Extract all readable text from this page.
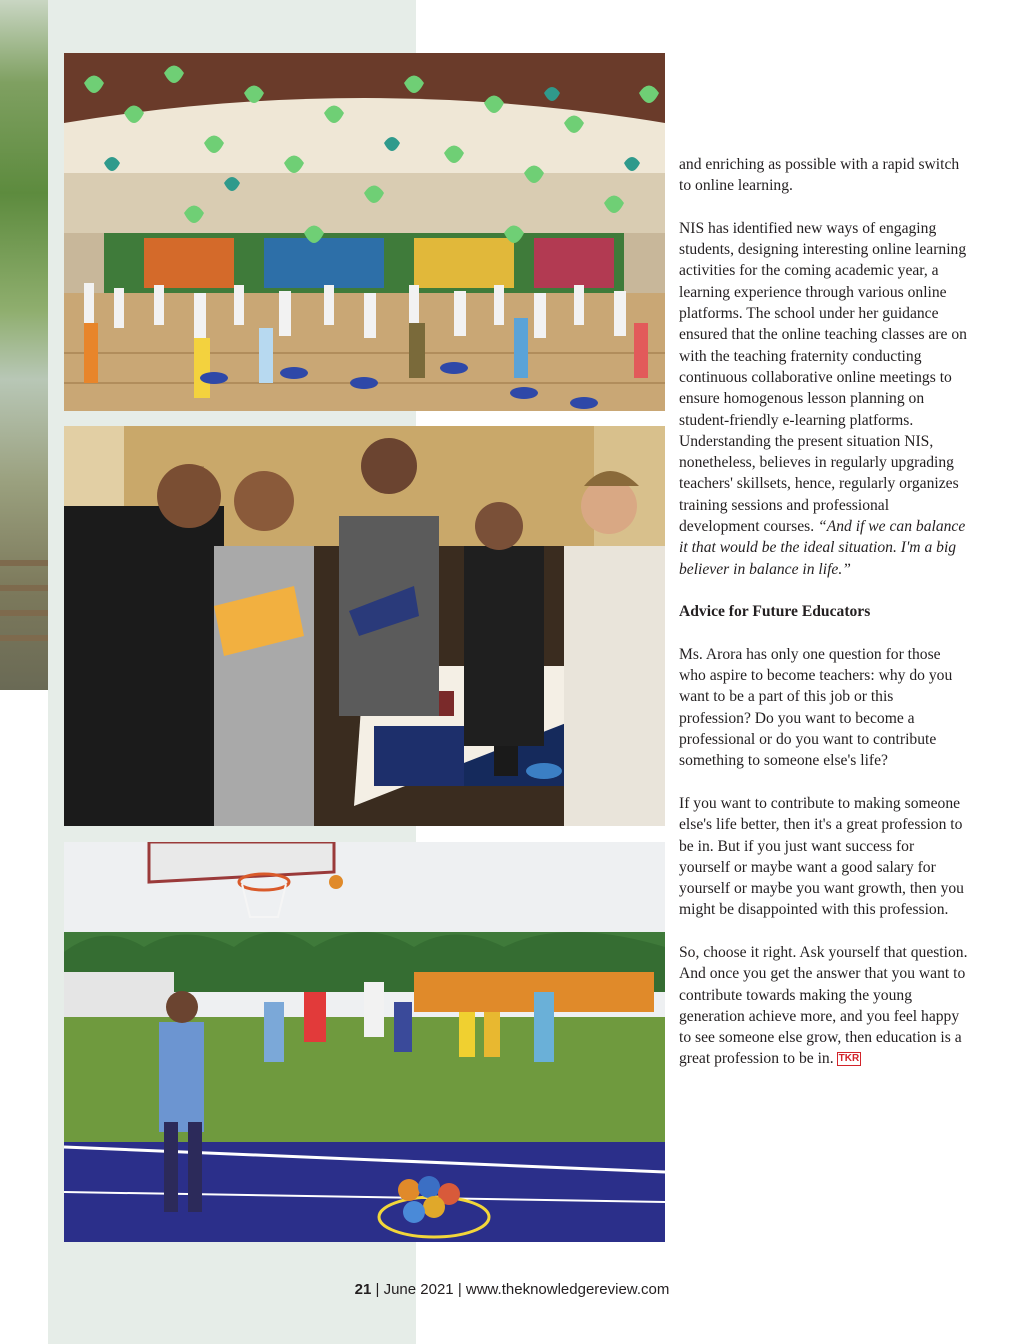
and enriching as possible with a rapid switch to online learning.

NIS has identified new ways of engaging students, designing interesting online learning activities for the coming academic year, a learning experience through various online platforms. The school under her guidance ensured that the online teaching classes are on with the teaching fraternity conducting continuous collaborative online meetings to ensure homogenous lesson planning on student-friendly e-learning platforms. Understanding the present situation NIS, nonetheless, believes in regularly upgrading teachers' skillsets, hence, regularly organizes training sessions and professional development courses. “And if we can balance it that would be the ideal situation. I'm a big believer in balance in life.”

Advice for Future Educators

Ms. Arora has only one question for those who aspire to become teachers: why do you want to be a part of this job or this profession? Do you want to become a professional or do you want to contribute something to someone else's life?

If you want to contribute to making someone else's life better, then it's a great profession to be in. But if you just want success for yourself or maybe want a good salary for yourself or maybe you want growth, then you might be disappointed with this profession.

So, choose it right. Ask yourself that question. And once you get the answer that you want to contribute towards making the young generation achieve more, and you feel happy to see someone else grow, then education is a great profession to be in. TKR

21 | June 2021 | www.theknowledgereview.com
